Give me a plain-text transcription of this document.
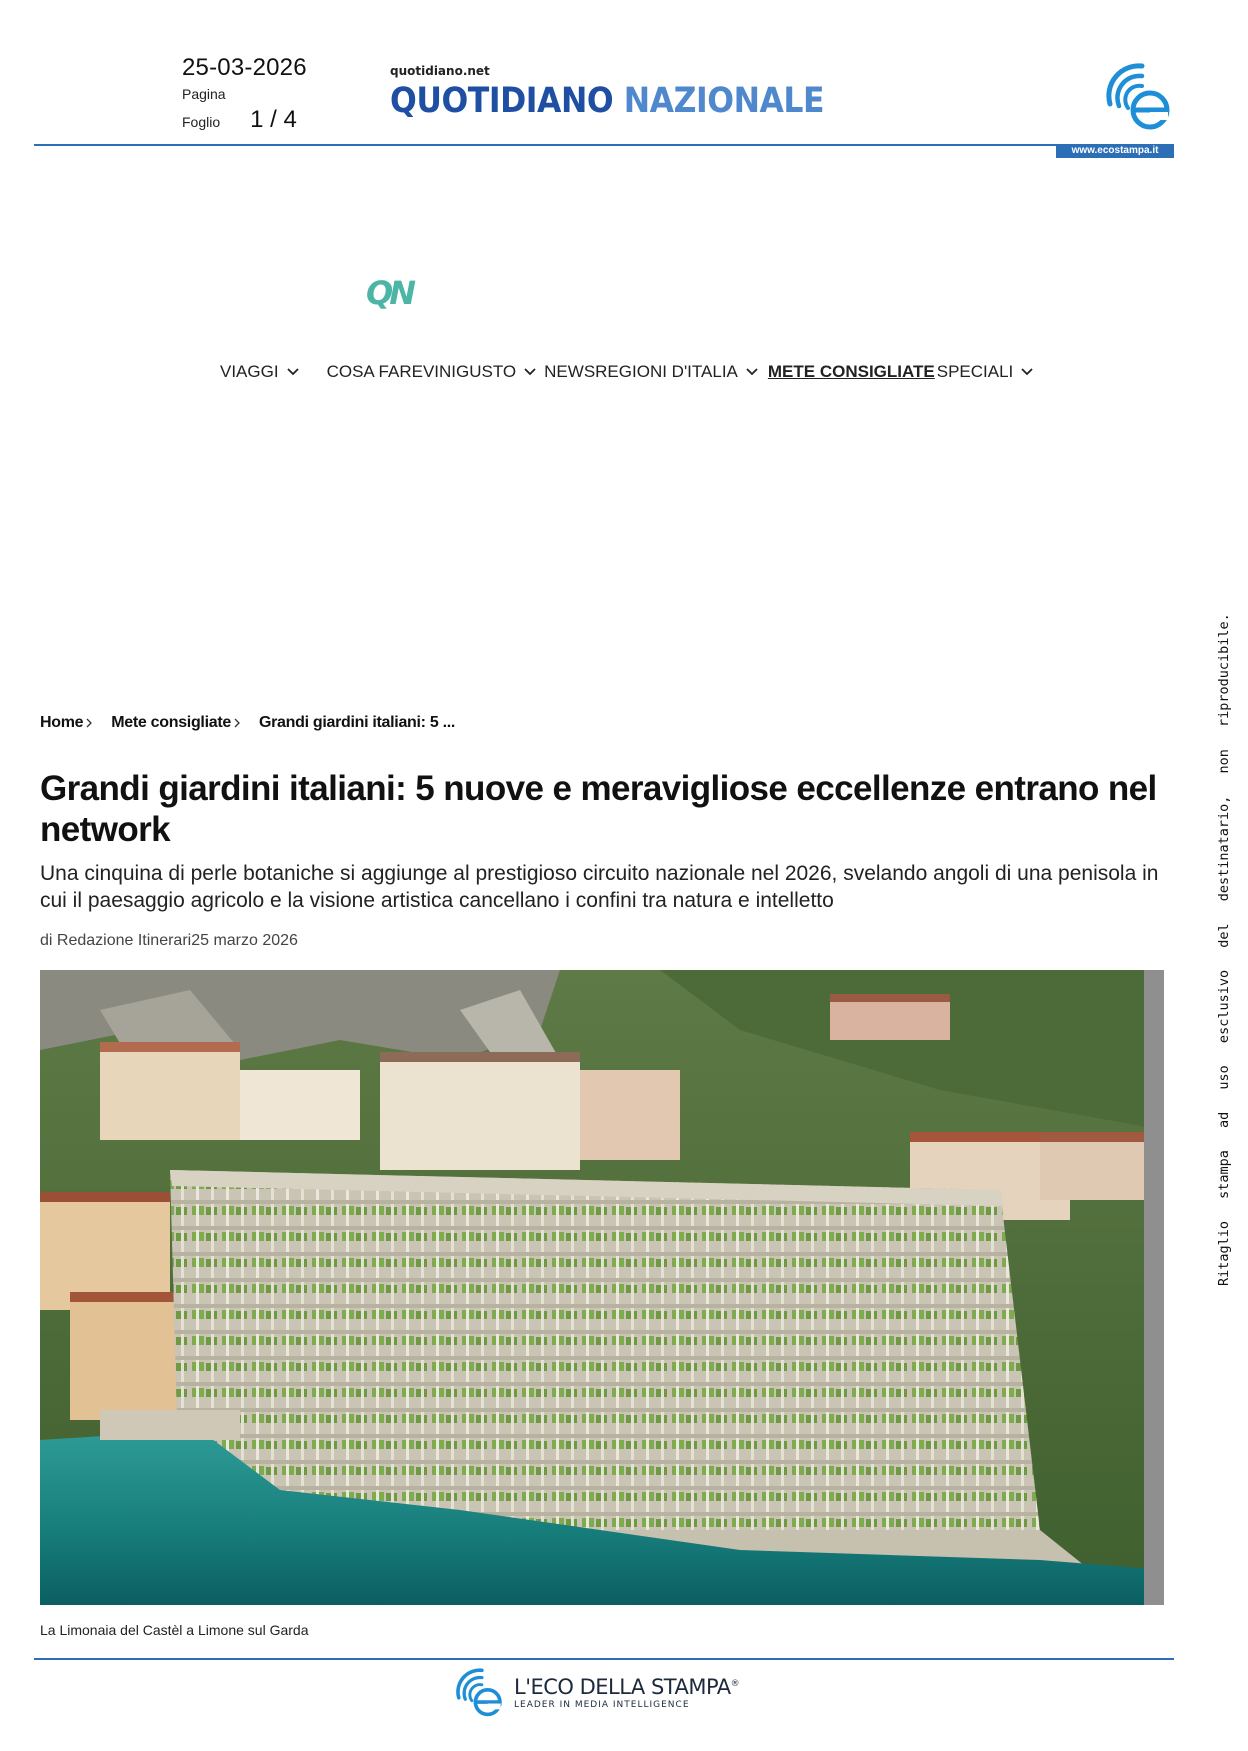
25-03-2026
Pagina
Foglio 1 / 4
quotidiano.net
QUOTIDIANO NAZIONALE
www.ecostampa.it
QN
VIAGGI	COSA FARE VINI GUSTO NEWS REGIONI D'ITALIA METE CONSIGLIATE SPECIALI
Home Mete consigliate Grandi giardini italiani: 5 ...
Grandi giardini italiani: 5 nuove e meravigliose eccellenze entrano nel network

Una cinquina di perle botaniche si aggiunge al prestigioso circuito nazionale nel 2026, svelando angoli di una penisola in cui il paesaggio agricolo e la visione artistica cancellano i confini tra natura e intelletto

di Redazione Itinerari25 marzo 2026
La Limonaia del Castèl a Limone sul Garda
L'ECO DELLA STAMPA®
LEADER IN MEDIA INTELLIGENCE
Ritaglio stampa ad uso esclusivo del destinatario, non riproducibile.
